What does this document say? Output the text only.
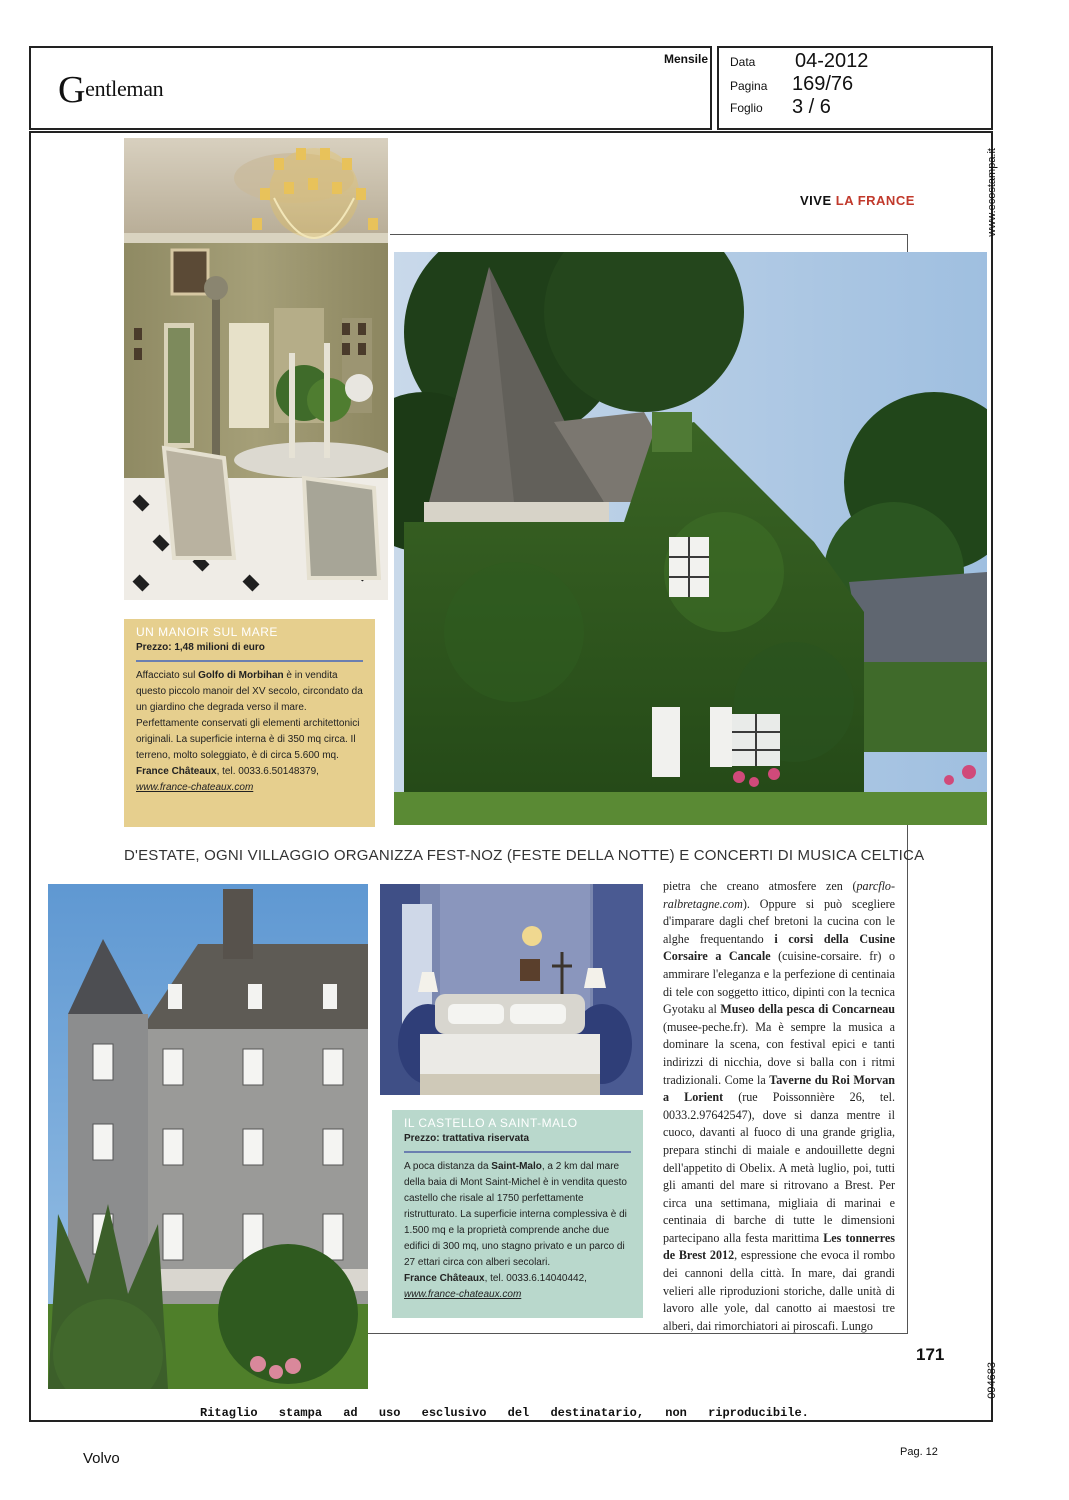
Gentleman
Mensile Data 04-2012
Pagina 169/76
Foglio 3 / 6
www.ecostampa.it
094683
VIVE LA FRANCE
UN MANOIR SUL MARE
Prezzo: 1,48 milioni di euro
Affacciato sul Golfo di Morbihan è in vendita questo piccolo manoir del XV secolo, circondato da un giardino che degrada verso il mare. Perfettamente conservati gli elementi architettonici originali. La superficie interna è di 350 mq circa. Il terreno, molto soleggiato, è di circa 5.600 mq.
France Châteaux, tel. 0033.6.50148379,
www.france-chateaux.com
D'ESTATE, OGNI VILLAGGIO ORGANIZZA FEST-NOZ (FESTE DELLA NOTTE) E CONCERTI DI MUSICA CELTICA
IL CASTELLO A SAINT-MALO
Prezzo: trattativa riservata
A poca distanza da Saint-Malo, a 2 km dal mare della baia di Mont Saint-Michel è in vendita questo castello che risale al 1750 perfettamente ristrutturato. La superficie interna complessiva è di 1.500 mq e la proprietà comprende anche due edifici di 300 mq, uno stagno privato e un parco di 27 ettari circa con alberi secolari.
France Châteaux, tel. 0033.6.14040442,
www.france-chateaux.com
pietra che creano atmosfere zen (parcflo-ralbretagne.com). Oppure si può scegliere d'imparare dagli chef bretoni la cucina con le alghe frequentando i corsi della Cusine Corsaire a Cancale (cuisine-corsaire. fr) o ammirare l'eleganza e la perfezione di centinaia di tele con soggetto ittico, dipinti con la tecnica Gyotaku al Museo della pesca di Concarneau (musee-peche.fr). Ma è sempre la musica a dominare la scena, con festival epici e tanti indirizzi di nicchia, dove si balla con i ritmi tradizionali. Come la Taverne du Roi Morvan a Lorient (rue Poissonnière 26, tel. 0033.2.97642547), dove si danza mentre il cuoco, davanti al fuoco di una grande griglia, prepara stinchi di maiale e andouillette degni dell'appetito di Obelix. A metà luglio, poi, tutti gli amanti del mare si ritrovano a Brest. Per circa una settimana, migliaia di marinai e centinaia di barche di tutte le dimensioni partecipano alla festa marittima Les tonnerres de Brest 2012, espressione che evoca il rombo dei cannoni della città. In mare, dai grandi velieri alle riproduzioni storiche, dalle unità di lavoro alle yole, dal canotto ai maestosi tre alberi, dai rimorchiatori ai piroscafi. Lungo
171
Ritaglio stampa ad uso esclusivo del destinatario, non riproducibile.
Volvo	Pag. 12
